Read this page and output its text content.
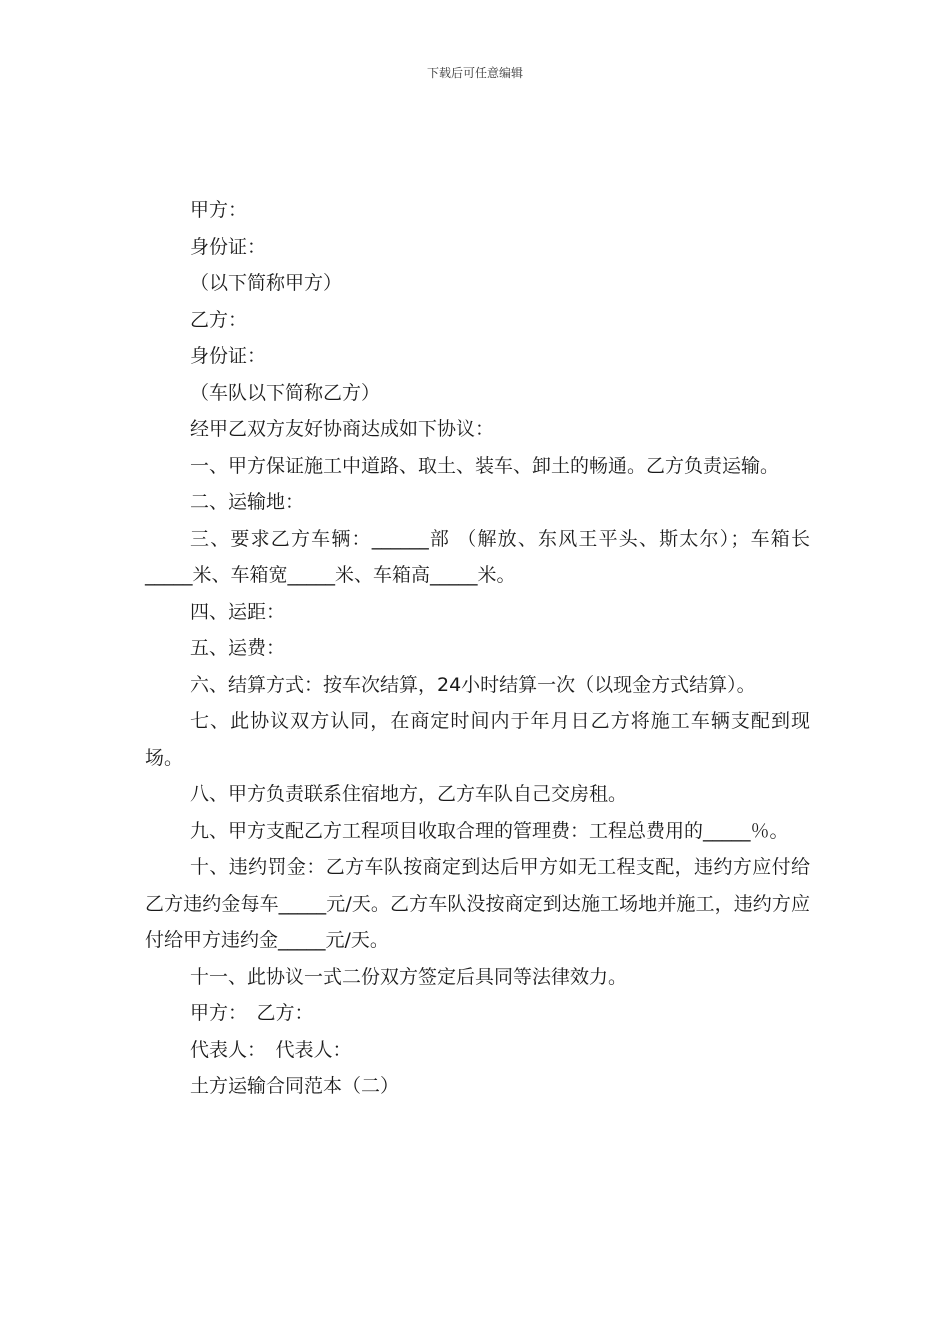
下载后可任意编辑

甲方：

身份证：

（以下简称甲方）

乙方：

身份证：

（车队以下简称乙方）

经甲乙双方友好协商达成如下协议：

一、甲方保证施工中道路、取土、装车、卸土的畅通。乙方负责运输。

二、运输地：

三、要求乙方车辆：______部 （解放、东风王平头、斯太尔）；车箱长_____米、车箱宽_____米、车箱高_____米。

四、运距：

五、运费：

六、结算方式：按车次结算，24小时结算一次（以现金方式结算）。

七、此协议双方认同，在商定时间内于年月日乙方将施工车辆支配到现场。

八、甲方负责联系住宿地方，乙方车队自己交房租。

九、甲方支配乙方工程项目收取合理的管理费：工程总费用的_____％。

十、违约罚金：乙方车队按商定到达后甲方如无工程支配，违约方应付给乙方违约金每车_____元/天。乙方车队没按商定到达施工场地并施工，违约方应付给甲方违约金_____元/天。

十一、此协议一式二份双方签定后具同等法律效力。

甲方：　乙方：

代表人：　代表人：

土方运输合同范本（二）
